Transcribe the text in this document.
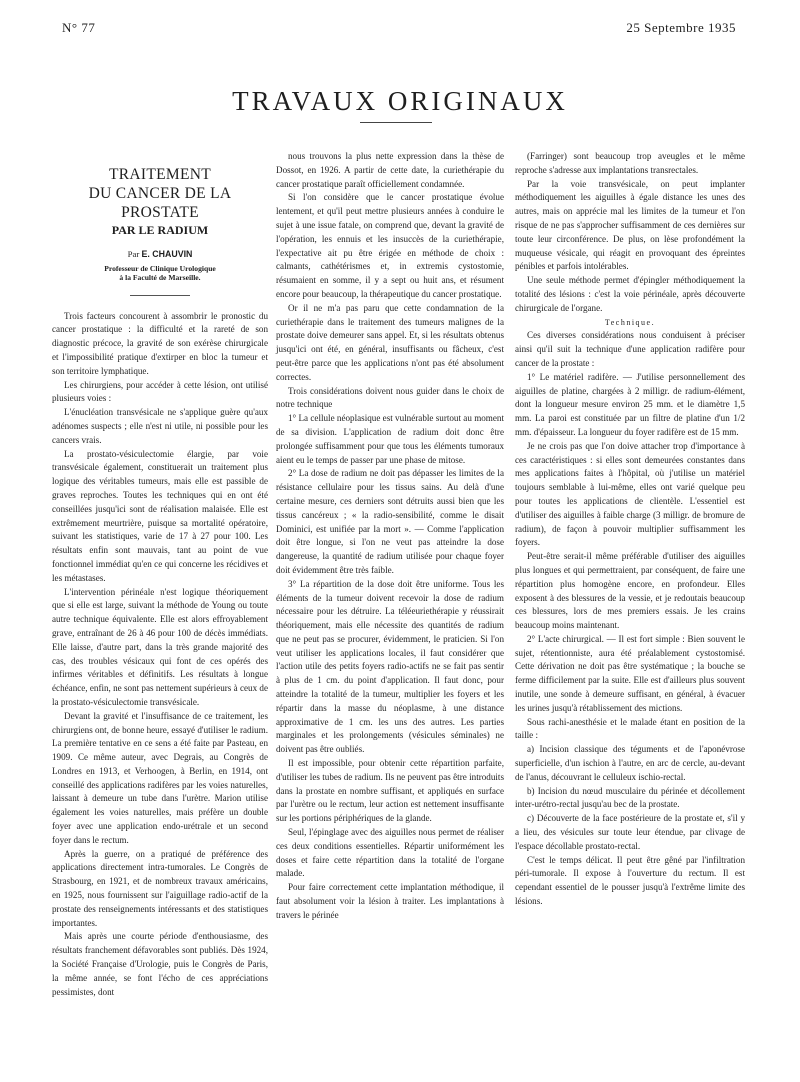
N° 77	25 Septembre 1935
TRAVAUX ORIGINAUX
TRAITEMENT
DU CANCER DE LA PROSTATE
PAR LE RADIUM
Par E. CHAUVIN
Professeur de Clinique Urologique
à la Faculté de Marseille.

Trois facteurs concourent à assombrir le pronostic du cancer prostatique : la difficulté et la rareté de son diagnostic précoce, la gravité de son exérèse chirurgicale et l'impossibilité pratique d'extirper en bloc la tumeur et son territoire lymphatique.

Les chirurgiens, pour accéder à cette lésion, ont utilisé plusieurs voies :

L'énucléation transvésicale ne s'applique guère qu'aux adénomes suspects ; elle n'est ni utile, ni possible pour les cancers vrais.

La prostato-vésiculectomie élargie, par voie transvésicale également, constituerait un traitement plus logique des véritables tumeurs, mais elle est passible de graves reproches. Toutes les techniques qui en ont été conseillées jusqu'ici sont de réalisation malaisée. Elle est extrêmement meurtrière, puisque sa mortalité opératoire, suivant les statistiques, varie de 17 à 27 pour 100. Les résultats enfin sont mauvais, tant au point de vue fonctionnel immédiat qu'en ce qui concerne les récidives et les métastases.

L'intervention périnéale n'est logique théoriquement que si elle est large, suivant la méthode de Young ou toute autre technique équivalente. Elle est alors effroyablement grave, entraînant de 26 à 46 pour 100 de décès immédiats. Elle laisse, d'autre part, dans la très grande majorité des cas, des troubles vésicaux qui font de ces opérés des infirmes véritables et définitifs. Les résultats à longue échéance, enfin, ne sont pas nettement supérieurs à ceux de la prostato-vésiculectomie transvésicale.

Devant la gravité et l'insuffisance de ce traitement, les chirurgiens ont, de bonne heure, essayé d'utiliser le radium. La première tentative en ce sens a été faite par Pasteau, en 1909. Ce même auteur, avec Degrais, au Congrès de Londres en 1913, et Verhoogen, à Berlin, en 1914, ont conseillé des applications radifères par les voies naturelles, laissant à demeure un tube dans l'urètre. Marion utilise également les voies naturelles, mais préfère un double foyer avec une application endo-urétrale et un second foyer dans le rectum.

Après la guerre, on a pratiqué de préférence des applications directement intra-tumorales. Le Congrès de Strasbourg, en 1921, et de nombreux travaux américains, en 1925, nous fournissent sur l'aiguillage radio-actif de la prostate des renseignements intéressants et des statistiques importantes.

Mais après une courte période d'enthousiasme, des résultats franchement défavorables sont publiés. Dès 1924, la Société Française d'Urologie, puis le Congrès de Paris, la même année, se font l'écho de ces appréciations pessimistes, dont

nous trouvons la plus nette expression dans la thèse de Dossot, en 1926. A partir de cette date, la curiethérapie du cancer prostatique paraît officiellement condamnée.

Si l'on considère que le cancer prostatique évolue lentement, et qu'il peut mettre plusieurs années à conduire le sujet à une issue fatale, on comprend que, devant la gravité de l'opération, les ennuis et les insuccès de la curiethérapie, l'expectative ait pu être érigée en méthode de choix : calmants, cathétérismes et, in extremis cystostomie, résumaient en somme, il y a sept ou huit ans, et résument encore pour beaucoup, la thérapeutique du cancer prostatique.

Or il ne m'a pas paru que cette condamnation de la curiethérapie dans le traitement des tumeurs malignes de la prostate doive demeurer sans appel. Et, si les résultats obtenus jusqu'ici ont été, en général, insuffisants ou fâcheux, c'est peut-être parce que les applications n'ont pas été absolument correctes.

Trois considérations doivent nous guider dans le choix de notre technique

1° La cellule néoplasique est vulnérable surtout au moment de sa division. L'application de radium doit donc être prolongée suffisamment pour que tous les éléments tumoraux aient eu le temps de passer par une phase de mitose.

2° La dose de radium ne doit pas dépasser les limites de la résistance cellulaire pour les tissus sains. Au delà d'une certaine mesure, ces derniers sont détruits aussi bien que les tissus cancéreux ; « la radio-sensibilité, comme le disait Dominici, est unifiée par la mort ». — Comme l'application doit être longue, si l'on ne veut pas atteindre la dose dangereuse, la quantité de radium utilisée pour chaque foyer doit évidemment être très faible.

3° La répartition de la dose doit être uniforme. Tous les éléments de la tumeur doivent recevoir la dose de radium nécessaire pour les détruire. La téléeuriethérapie y réussirait théoriquement, mais elle nécessite des quantités de radium que ne peut pas se procurer, évidemment, le praticien. Si l'on veut utiliser les applications locales, il faut considérer que l'action utile des petits foyers radio-actifs ne se fait pas sentir à plus de 1 cm. du point d'application. Il faut donc, pour atteindre la totalité de la tumeur, multiplier les foyers et les répartir dans la masse du néoplasme, à une distance approximative de 1 cm. les uns des autres. Les parties marginales et les prolongements (vésicules séminales) ne doivent pas être oubliés.

Il est impossible, pour obtenir cette répartition parfaite, d'utiliser les tubes de radium. Ils ne peuvent pas être introduits dans la prostate en nombre suffisant, et appliqués en surface par l'urètre ou le rectum, leur action est nettement insuffisante sur les portions périphériques de la glande.

Seul, l'épinglage avec des aiguilles nous permet de réaliser ces deux conditions essentielles. Répartir uniformément les doses et faire cette répartition dans la totalité de l'organe malade.

Pour faire correctement cette implantation méthodique, il faut absolument voir la lésion à traiter. Les implantations à travers le périnée

(Farringer) sont beaucoup trop aveugles et le même reproche s'adresse aux implantations transrectales.

Par la voie transvésicale, on peut implanter méthodiquement les aiguilles à égale distance les unes des autres, mais on apprécie mal les limites de la tumeur et l'on risque de ne pas s'approcher suffisamment de ces dernières sur toute leur circonférence. De plus, on lèse profondément la muqueuse vésicale, qui réagit en provoquant des épreintes pénibles et parfois intolérables.

Une seule méthode permet d'épingler méthodiquement la totalité des lésions : c'est la voie périnéale, après découverte chirurgicale de l'organe.

Technique.

Ces diverses considérations nous conduisent à préciser ainsi qu'il suit la technique d'une application radifère pour cancer de la prostate :

1° Le matériel radifère. — J'utilise personnellement des aiguilles de platine, chargées à 2 milligr. de radium-élément, dont la longueur mesure environ 25 mm. et le diamètre 1,5 mm. La paroi est constituée par un filtre de platine d'un 1/2 mm. d'épaisseur. La longueur du foyer radifère est de 15 mm.

Je ne crois pas que l'on doive attacher trop d'importance à ces caractéristiques : si elles sont demeurées constantes dans mes applications faites à l'hôpital, où j'utilise un matériel toujours semblable à lui-même, elles ont varié quelque peu pour toutes les applications de clientèle. L'essentiel est d'utiliser des aiguilles à faible charge (3 milligr. de bromure de radium), de façon à pouvoir multiplier suffisamment les foyers.

Peut-être serait-il même préférable d'utiliser des aiguilles plus longues et qui permettraient, par conséquent, de faire une répartition plus homogène encore, en profondeur. Elles exposent à des blessures de la vessie, et je redoutais beaucoup ces blessures, lors de mes premiers essais. Je les crains beaucoup moins maintenant.

2° L'acte chirurgical. — Il est fort simple : Bien souvent le sujet, rétentionniste, aura été préalablement cystostomisé. Cette dérivation ne doit pas être systématique ; la bouche se ferme difficilement par la suite. Elle est d'ailleurs plus souvent inutile, une sonde à demeure suffisant, en général, à évacuer les urines jusqu'à rétablissement des mictions.

Sous rachi-anesthésie et le malade étant en position de la taille :

a) Incision classique des téguments et de l'aponévrose superficielle, d'un ischion à l'autre, en arc de cercle, au-devant de l'anus, découvrant le celluleux ischio-rectal.

b) Incision du nœud musculaire du périnée et décollement inter-urétro-rectal jusqu'au bec de la prostate.

c) Découverte de la face postérieure de la prostate et, s'il y a lieu, des vésicules sur toute leur étendue, par clivage de l'espace décollable prostato-rectal.

C'est le temps délicat. Il peut être gêné par l'infiltration péri-tumorale. Il expose à l'ouverture du rectum. Il est cependant essentiel de le pousser jusqu'à l'extrême limite des lésions.
